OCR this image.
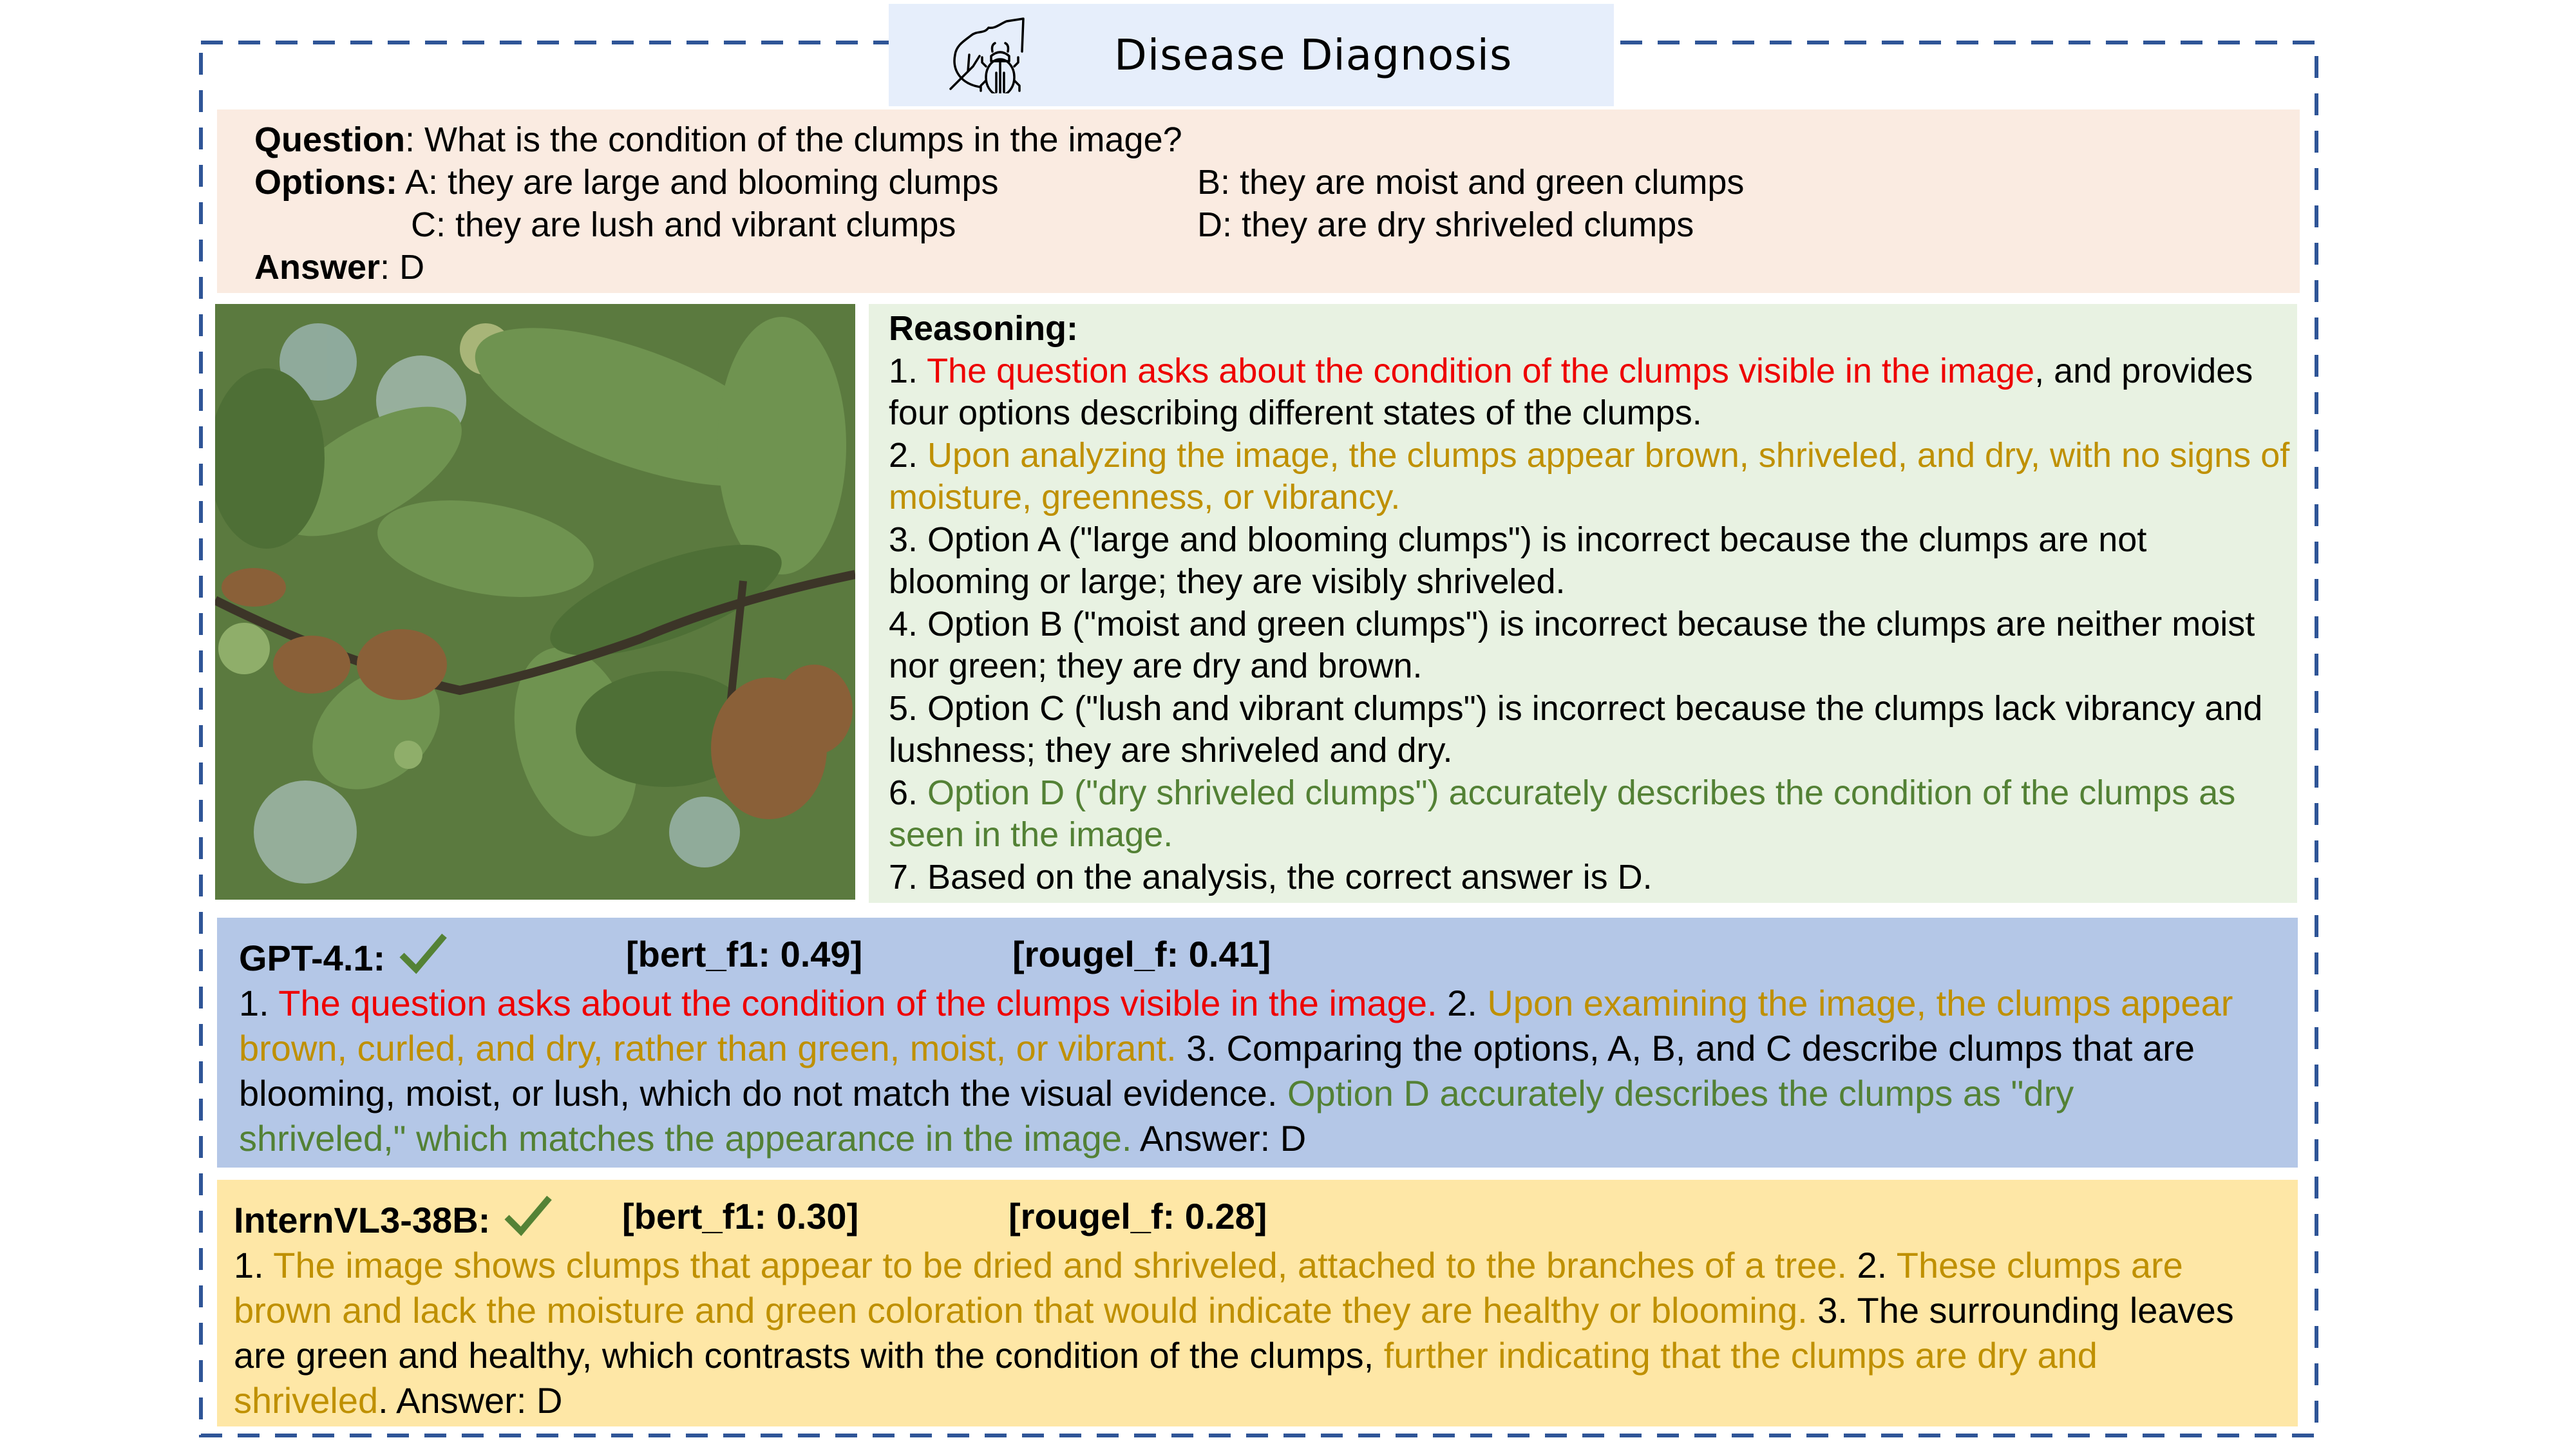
Disease Diagnosis
Question: What is the condition of the clumps in the image?
Options: A: they are large and blooming clumps	B: they are moist and green clumps
C: they are lush and vibrant clumps	D: they are dry shriveled clumps
Answer: D

Reasoning:

1. The question asks about the condition of the clumps visible in the image, and provides four options describing different states of the clumps.

2. Upon analyzing the image, the clumps appear brown, shriveled, and dry, with no signs of moisture, greenness, or vibrancy.

3. Option A ("large and blooming clumps") is incorrect because the clumps are not blooming or large; they are visibly shriveled.

4. Option B ("moist and green clumps") is incorrect because the clumps are neither moist nor green; they are dry and brown.

5. Option C ("lush and vibrant clumps") is incorrect because the clumps lack vibrancy and lushness; they are shriveled and dry.

6. Option D ("dry shriveled clumps") accurately describes the condition of the clumps as seen in the image.

7. Based on the analysis, the correct answer is D.

GPT-4.1:	[bert_f1: 0.49]	[rougel_f: 0.41]

1. The question asks about the condition of the clumps visible in the image. 2. Upon examining the image, the clumps appear brown, curled, and dry, rather than green, moist, or vibrant. 3. Comparing the options, A, B, and C describe clumps that are blooming, moist, or lush, which do not match the visual evidence. Option D accurately describes the clumps as "dry shriveled," which matches the appearance in the image. Answer: D

InternVL3-38B:	[bert_f1: 0.30]	[rougel_f: 0.28]

1. The image shows clumps that appear to be dried and shriveled, attached to the branches of a tree. 2. These clumps are brown and lack the moisture and green coloration that would indicate they are healthy or blooming. 3. The surrounding leaves are green and healthy, which contrasts with the condition of the clumps, further indicating that the clumps are dry and shriveled. Answer: D
